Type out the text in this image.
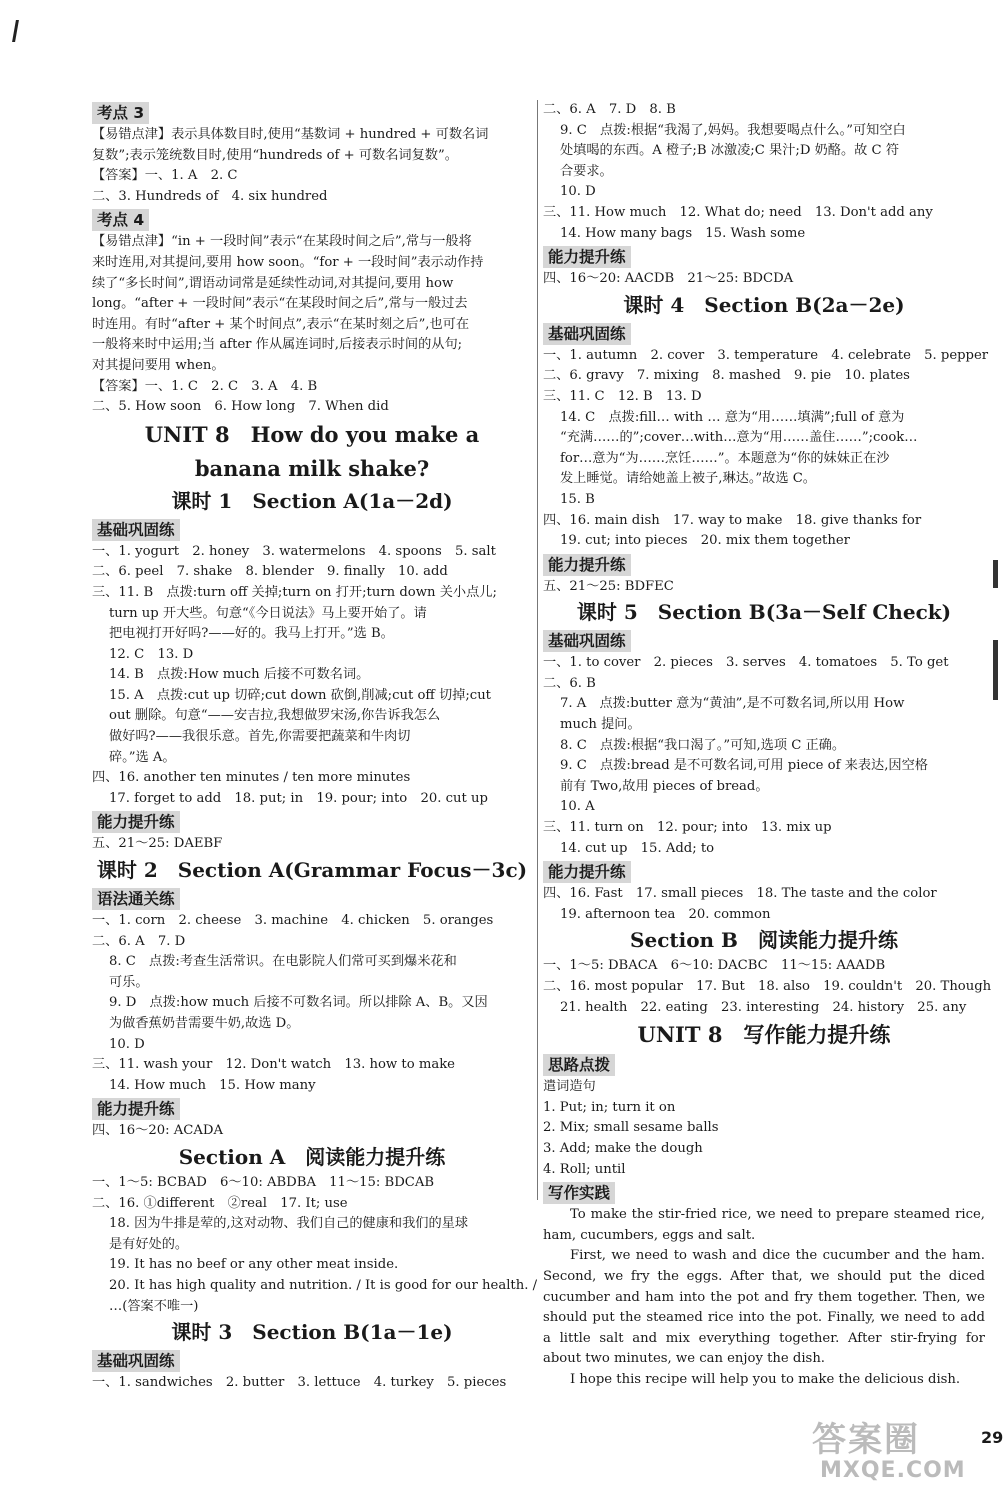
考点 3
【易错点津】表示具体数目时,使用“基数词 + hundred + 可数名词
复数”;表示笼统数目时,使用“hundreds of + 可数名词复数”。
【答案】一、1. A　2. C
二、3. Hundreds of　4. six hundred
考点 4
【易错点津】“in + 一段时间”表示“在某段时间之后”,常与一般将
来时连用,对其提问,要用 how soon。“for + 一段时间”表示动作持
续了“多长时间”,谓语动词常是延续性动词,对其提问,要用 how
long。“after + 一段时间”表示“在某段时间之后”,常与一般过去
时连用。有时“after + 某个时间点”,表示“在某时刻之后”,也可在
一般将来时中运用;当 after 作从属连词时,后接表示时间的从句;
对其提问要用 when。
【答案】一、1. C　2. C　3. A　4. B
二、5. How soon　6. How long　7. When did
UNIT 8　How do you make a
banana milk shake?
课时 1　Section A(1a－2d)
基础巩固练
一、1. yogurt　2. honey　3. watermelons　4. spoons　5. salt
二、6. peel　7. shake　8. blender　9. finally　10. add
三、11. B　点拨:turn off 关掉;turn on 打开;turn down 关小点儿;
turn up 开大些。句意“《今日说法》马上要开始了。请
把电视打开好吗?——好的。我马上打开。”选 B。
12. C　13. D
14. B　点拨:How much 后接不可数名词。
15. A　点拨:cut up 切碎;cut down 砍倒,削减;cut off 切掉;cut
out 删除。句意“——安吉拉,我想做罗宋汤,你告诉我怎么
做好吗?——我很乐意。首先,你需要把蔬菜和牛肉切
碎。”选 A。
四、16. another ten minutes / ten more minutes
17. forget to add　18. put; in　19. pour; into　20. cut up
能力提升练
五、21～25: DAEBF
课时 2　Section A(Grammar Focus－3c)
语法通关练
一、1. corn　2. cheese　3. machine　4. chicken　5. oranges
二、6. A　7. D
8. C　点拨:考查生活常识。在电影院人们常可买到爆米花和
可乐。
9. D　点拨:how much 后接不可数名词。所以排除 A、B。又因
为做香蕉奶昔需要牛奶,故选 D。
10. D
三、11. wash your　12. Don't watch　13. how to make
14. How much　15. How many
能力提升练
四、16～20: ACADA
Section A　阅读能力提升练
一、1～5: BCBAD　6～10: ABDBA　11～15: BDCAB
二、16. ①different　②real　17. It; use
18. 因为牛排是荤的,这对动物、我们自己的健康和我们的星球
是有好处的。
19. It has no beef or any other meat inside.
20. It has high quality and nutrition. / It is good for our health. /
…(答案不唯一)
课时 3　Section B(1a－1e)
基础巩固练
一、1. sandwiches　2. butter　3. lettuce　4. turkey　5. pieces
二、6. A　7. D　8. B
9. C　点拨:根据“我渴了,妈妈。我想要喝点什么。”可知空白
处填喝的东西。A 橙子;B 冰激凌;C 果汁;D 奶酪。故 C 符
合要求。
10. D
三、11. How much　12. What do; need　13. Don't add any
14. How many bags　15. Wash some
能力提升练
四、16～20: AACDB　21～25: BDCDA
课时 4　Section B(2a－2e)
基础巩固练
一、1. autumn　2. cover　3. temperature　4. celebrate　5. pepper
二、6. gravy　7. mixing　8. mashed　9. pie　10. plates
三、11. C　12. B　13. D
14. C　点拨:fill… with … 意为“用……填满”;full of 意为
“充满……的”;cover…with…意为“用……盖住……”;cook…
for…意为“为……烹饪……”。本题意为“你的妹妹正在沙
发上睡觉。请给她盖上被子,琳达。”故选 C。
15. B
四、16. main dish　17. way to make　18. give thanks for
19. cut; into pieces　20. mix them together
能力提升练
五、21～25: BDFEC
课时 5　Section B(3a－Self Check)
基础巩固练
一、1. to cover　2. pieces　3. serves　4. tomatoes　5. To get
二、6. B
7. A　点拨:butter 意为“黄油”,是不可数名词,所以用 How
much 提问。
8. C　点拨:根据“我口渴了。”可知,选项 C 正确。
9. C　点拨:bread 是不可数名词,可用 piece of 来表达,因空格
前有 Two,故用 pieces of bread。
10. A
三、11. turn on　12. pour; into　13. mix up
14. cut up　15. Add; to
能力提升练
四、16. Fast　17. small pieces　18. The taste and the color
19. afternoon tea　20. common
Section B　阅读能力提升练
一、1～5: DBACA　6～10: DACBC　11～15: AAADB
二、16. most popular　17. But　18. also　19. couldn't　20. Though
21. health　22. eating　23. interesting　24. history　25. any
UNIT 8　写作能力提升练
思路点拨
遣词造句
1. Put; in; turn it on
2. Mix; small sesame balls
3. Add; make the dough
4. Roll; until
写作实践
To make the stir-fried rice, we need to prepare steamed rice, ham, cucumbers, eggs and salt.
First, we need to wash and dice the cucumber and the ham. Second, we fry the eggs. After that, we should put the diced cucumber and ham into the pot and fry them together. Then, we should put the steamed rice into the pot. Finally, we need to add a little salt and mix everything together. After stir-frying for about two minutes, we can enjoy the dish.
I hope this recipe will help you to make the delicious dish.
29
答案圈
MXQE.COM
